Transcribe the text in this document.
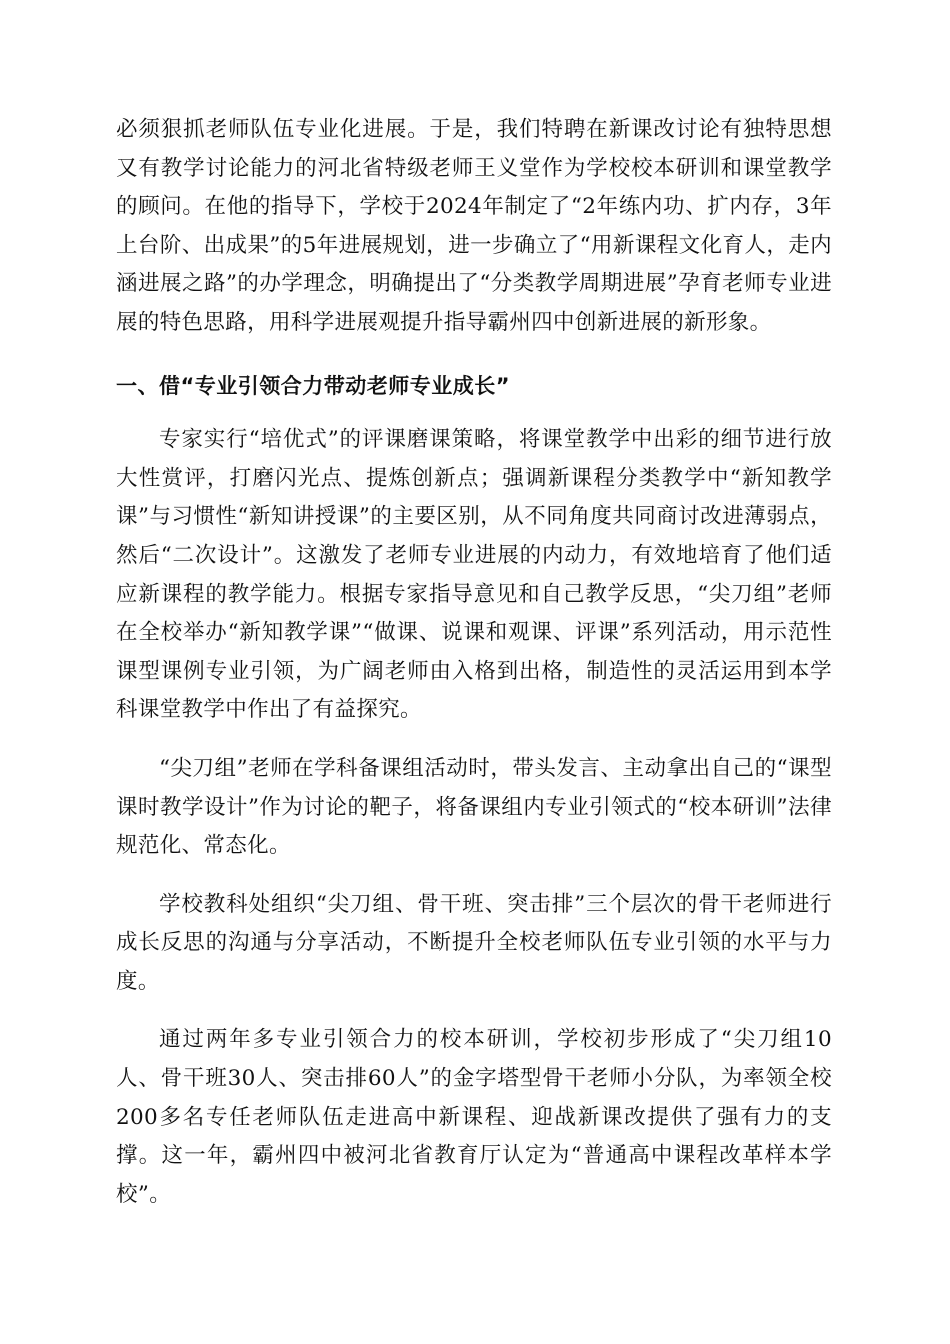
必须狠抓老师队伍专业化进展。于是，我们特聘在新课改讨论有独特思想又有教学讨论能力的河北省特级老师王义堂作为学校校本研训和课堂教学的顾问。在他的指导下，学校于2024年制定了“2年练内功、扩内存，3年上台阶、出成果”的5年进展规划，进一步确立了“用新课程文化育人，走内涵进展之路”的办学理念，明确提出了“分类教学周期进展”孕育老师专业进展的特色思路，用科学进展观提升指导霸州四中创新进展的新形象。

一、借“专业引领合力带动老师专业成长”

专家实行“培优式”的评课磨课策略，将课堂教学中出彩的细节进行放大性赏评，打磨闪光点、提炼创新点；强调新课程分类教学中“新知教学课”与习惯性“新知讲授课”的主要区别，从不同角度共同商讨改进薄弱点，然后“二次设计”。这激发了老师专业进展的内动力，有效地培育了他们适应新课程的教学能力。根据专家指导意见和自己教学反思，“尖刀组”老师在全校举办“新知教学课”“做课、说课和观课、评课”系列活动，用示范性课型课例专业引领，为广阔老师由入格到出格，制造性的灵活运用到本学科课堂教学中作出了有益探究。

“尖刀组”老师在学科备课组活动时，带头发言、主动拿出自己的“课型课时教学设计”作为讨论的靶子，将备课组内专业引领式的“校本研训”法律规范化、常态化。

学校教科处组织“尖刀组、骨干班、突击排”三个层次的骨干老师进行成长反思的沟通与分享活动，不断提升全校老师队伍专业引领的水平与力度。

通过两年多专业引领合力的校本研训，学校初步形成了“尖刀组10人、骨干班30人、突击排60人”的金字塔型骨干老师小分队，为率领全校200多名专任老师队伍走进高中新课程、迎战新课改提供了强有力的支撑。这一年，霸州四中被河北省教育厅认定为“普通高中课程改革样本学校”。
